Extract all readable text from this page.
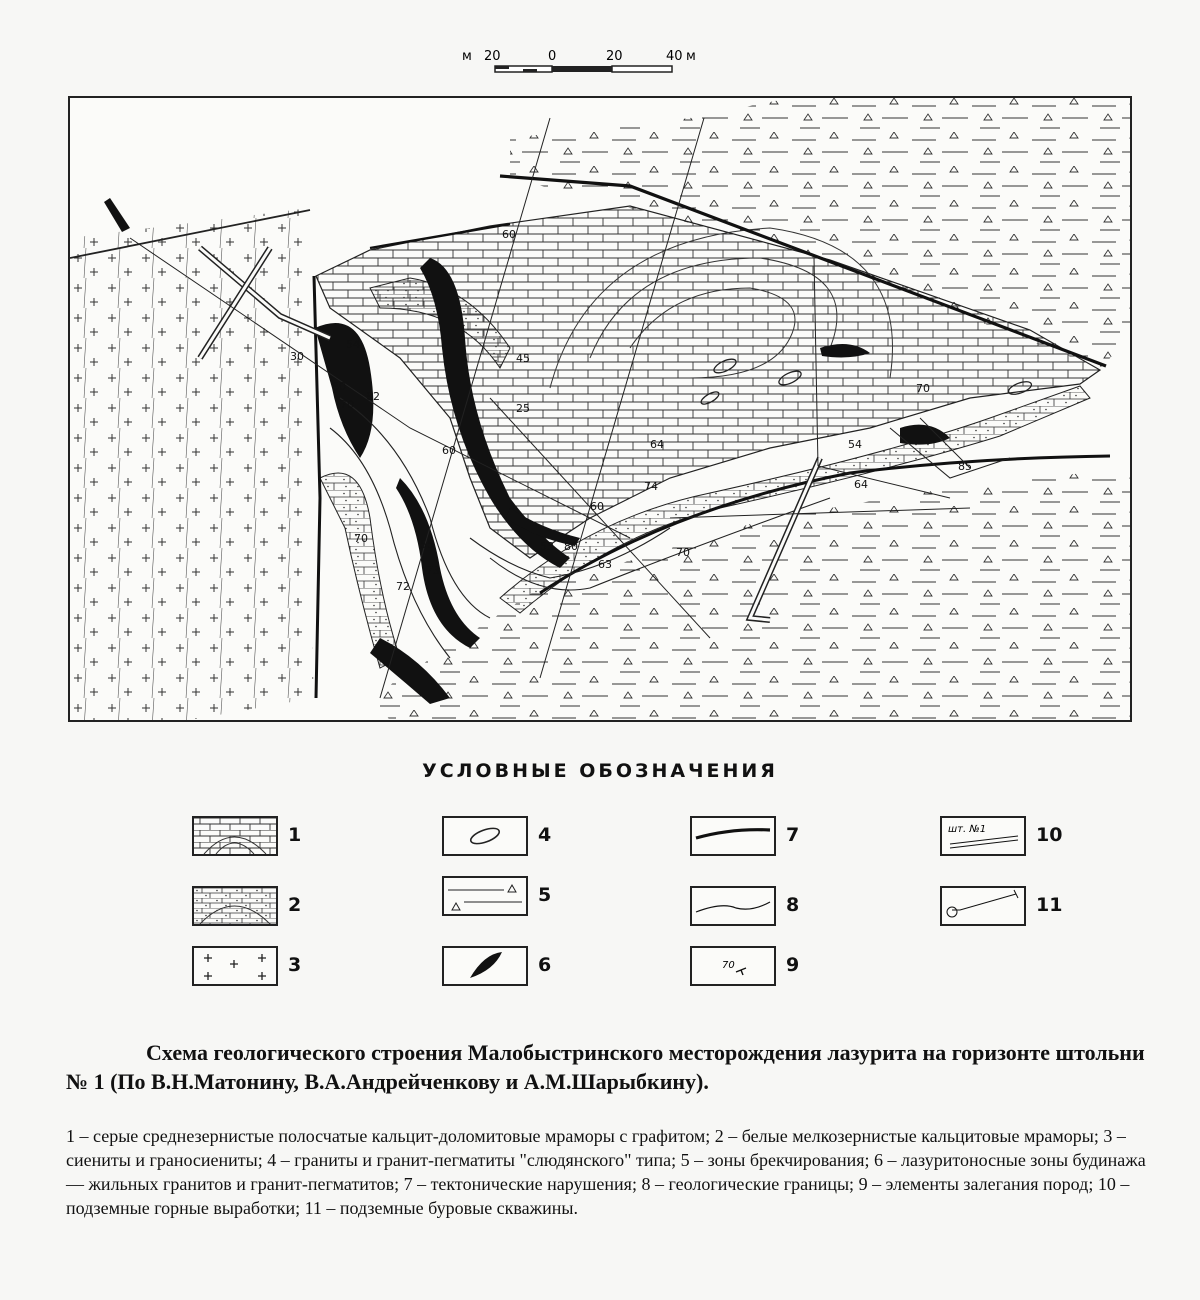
м 20	0	20	40 м
60
30
54
80
70
82
45
25
60
70	55
73
72
64
60
53 80
63
74
70
70
54
64
85
УСЛОВНЫЕ ОБОЗНАЧЕНИЯ
1
2
3
4
5
6
7
8
70	9
шт. №1	10
11
Схема геологического строения Малобыстринского месторождения лазурита на горизонте штольни № 1 (По В.Н.Матонину, В.А.Андрейченкову и А.М.Шарыбкину).
1 – серые среднезернистые полосчатые кальцит-доломитовые мраморы с графитом; 2 – белые мелкозернистые кальцитовые мраморы; 3 – сиениты и граносиениты; 4 – граниты и гранит-пегматиты "слюдянского" типа; 5 – зоны брекчирования; 6 – лазуритоносные зоны будинажа — жильных гранитов и гранит-пегматитов; 7 – тектонические нарушения; 8 – геологические границы; 9 – элементы залегания пород; 10 – подземные горные выработки; 11 – подземные буровые скважины.
